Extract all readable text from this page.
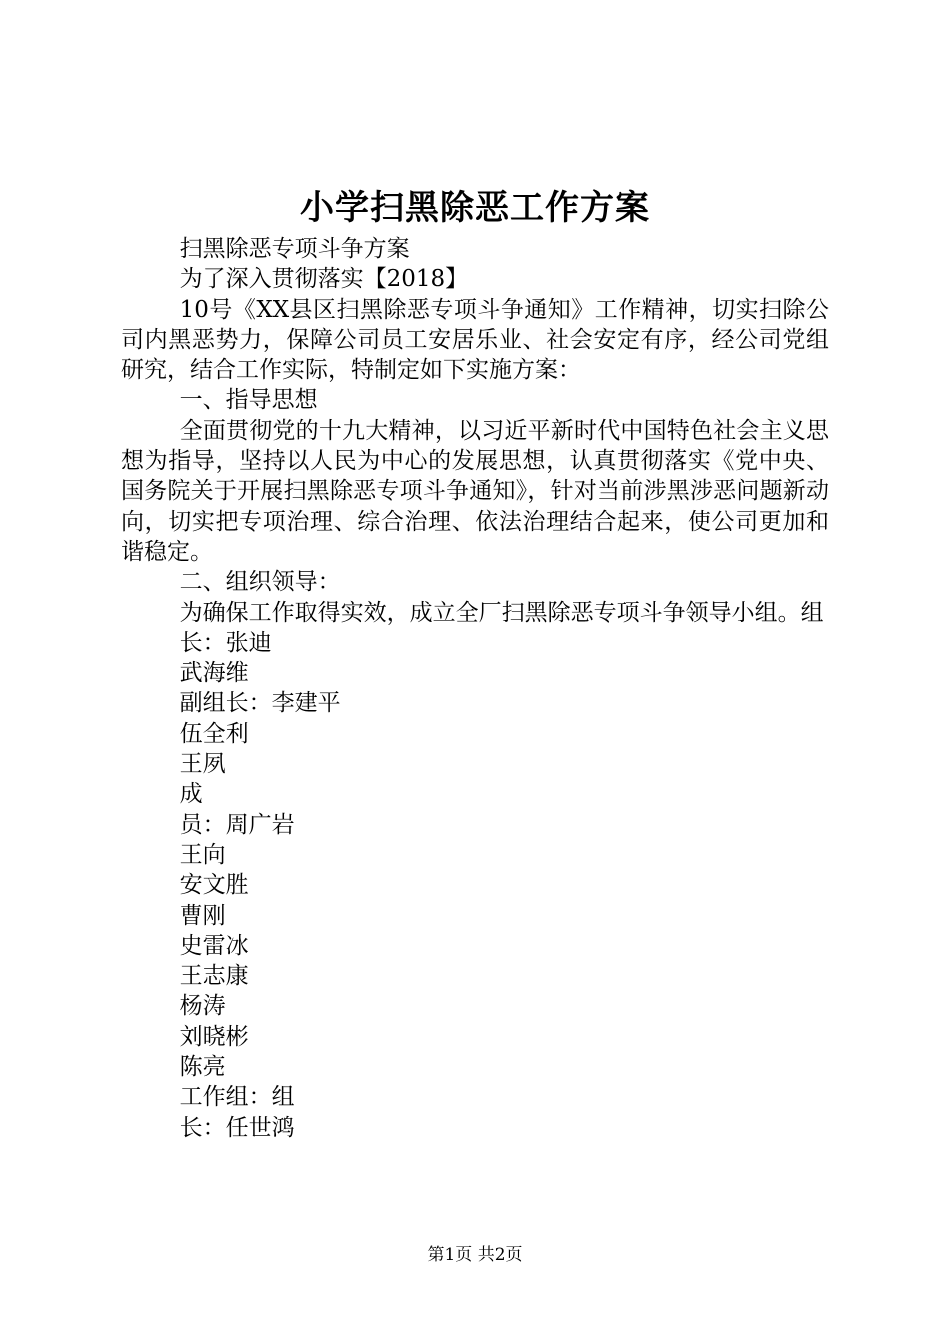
小学扫黑除恶工作方案

扫黑除恶专项斗争方案

为了深入贯彻落实【2018】

10号《XX县区扫黑除恶专项斗争通知》工作精神，切实扫除公司内黑恶势力，保障公司员工安居乐业、社会安定有序，经公司党组研究，结合工作实际，特制定如下实施方案：

一、指导思想

全面贯彻党的十九大精神，以习近平新时代中国特色社会主义思想为指导，坚持以人民为中心的发展思想，认真贯彻落实《党中央、国务院关于开展扫黑除恶专项斗争通知》，针对当前涉黑涉恶问题新动向，切实把专项治理、综合治理、依法治理结合起来，使公司更加和谐稳定。

二、组织领导：

为确保工作取得实效，成立全厂扫黑除恶专项斗争领导小组。组

长：张迪

武海维

副组长：李建平

伍全利

王夙

成

员：周广岩

王向

安文胜

曹刚

史雷冰

王志康

杨涛

刘晓彬

陈亮

工作组：组

长：任世鸿

第1页 共2页
